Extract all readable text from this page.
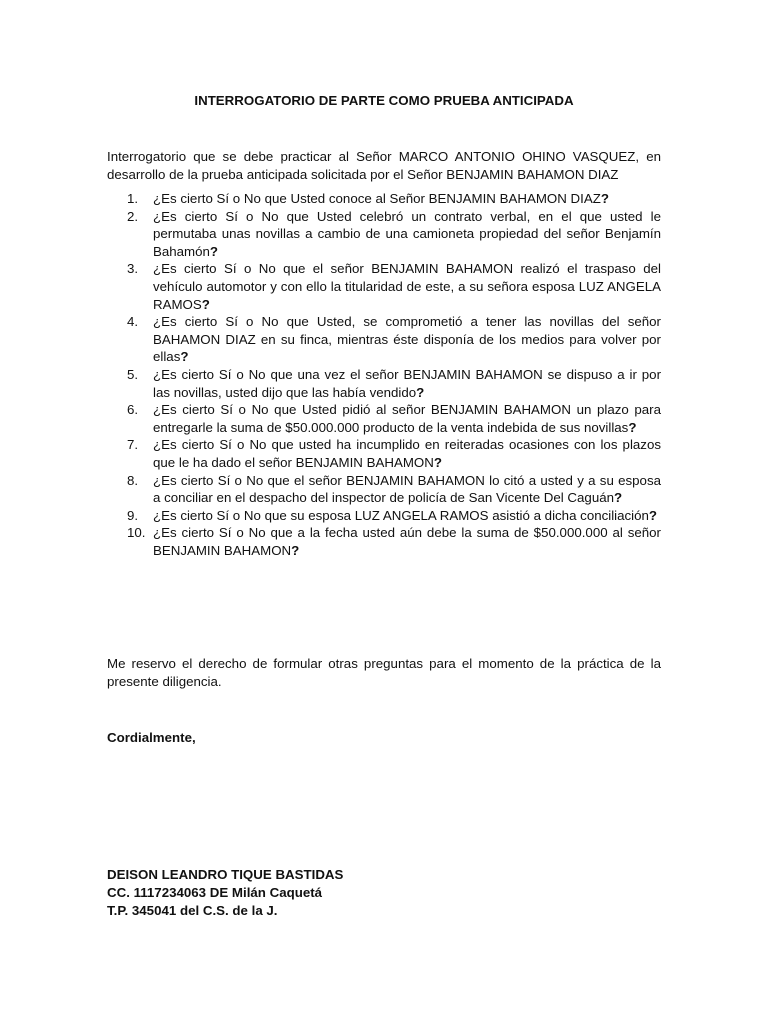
INTERROGATORIO DE PARTE COMO PRUEBA ANTICIPADA

Interrogatorio que se debe practicar al Señor MARCO ANTONIO OHINO VASQUEZ, en desarrollo de la prueba anticipada solicitada por el Señor BENJAMIN BAHAMON DIAZ

1.	¿Es cierto Sí o No que Usted conoce al Señor BENJAMIN BAHAMON DIAZ?
2.	¿Es cierto Sí o No que Usted celebró un contrato verbal, en el que usted le permutaba unas novillas a cambio de una camioneta propiedad del señor Benjamín Bahamón?
3.	¿Es cierto Sí o No que el señor BENJAMIN BAHAMON realizó el traspaso del vehículo automotor y con ello la titularidad de este, a su señora esposa LUZ ANGELA RAMOS?
4.	¿Es cierto Sí o No que Usted, se comprometió a tener las novillas del señor BAHAMON DIAZ en su finca, mientras éste disponía de los medios para volver por ellas?
5.	¿Es cierto Sí o No que una vez el señor BENJAMIN BAHAMON se dispuso a ir por las novillas, usted dijo que las había vendido?
6.	¿Es cierto Sí o No que Usted pidió al señor BENJAMIN BAHAMON un plazo para entregarle la suma de $50.000.000 producto de la venta indebida de sus novillas?
7.	¿Es cierto Sí o No que usted ha incumplido en reiteradas ocasiones con los plazos que le ha dado el señor BENJAMIN BAHAMON?
8.	¿Es cierto Sí o No que el señor BENJAMIN BAHAMON lo citó a usted y a su esposa a conciliar en el despacho del inspector de policía de San Vicente Del Caguán?
9.	¿Es cierto Sí o No que su esposa LUZ ANGELA RAMOS asistió a dicha conciliación?
10. ¿Es cierto Sí o No que a la fecha usted aún debe la suma de $50.000.000 al señor BENJAMIN BAHAMON?

Me reservo el derecho de formular otras preguntas para el momento de la práctica de la presente diligencia.

Cordialmente,

DEISON LEANDRO TIQUE BASTIDAS
CC. 1117234063 DE Milán Caquetá
T.P. 345041 del C.S. de la J.
